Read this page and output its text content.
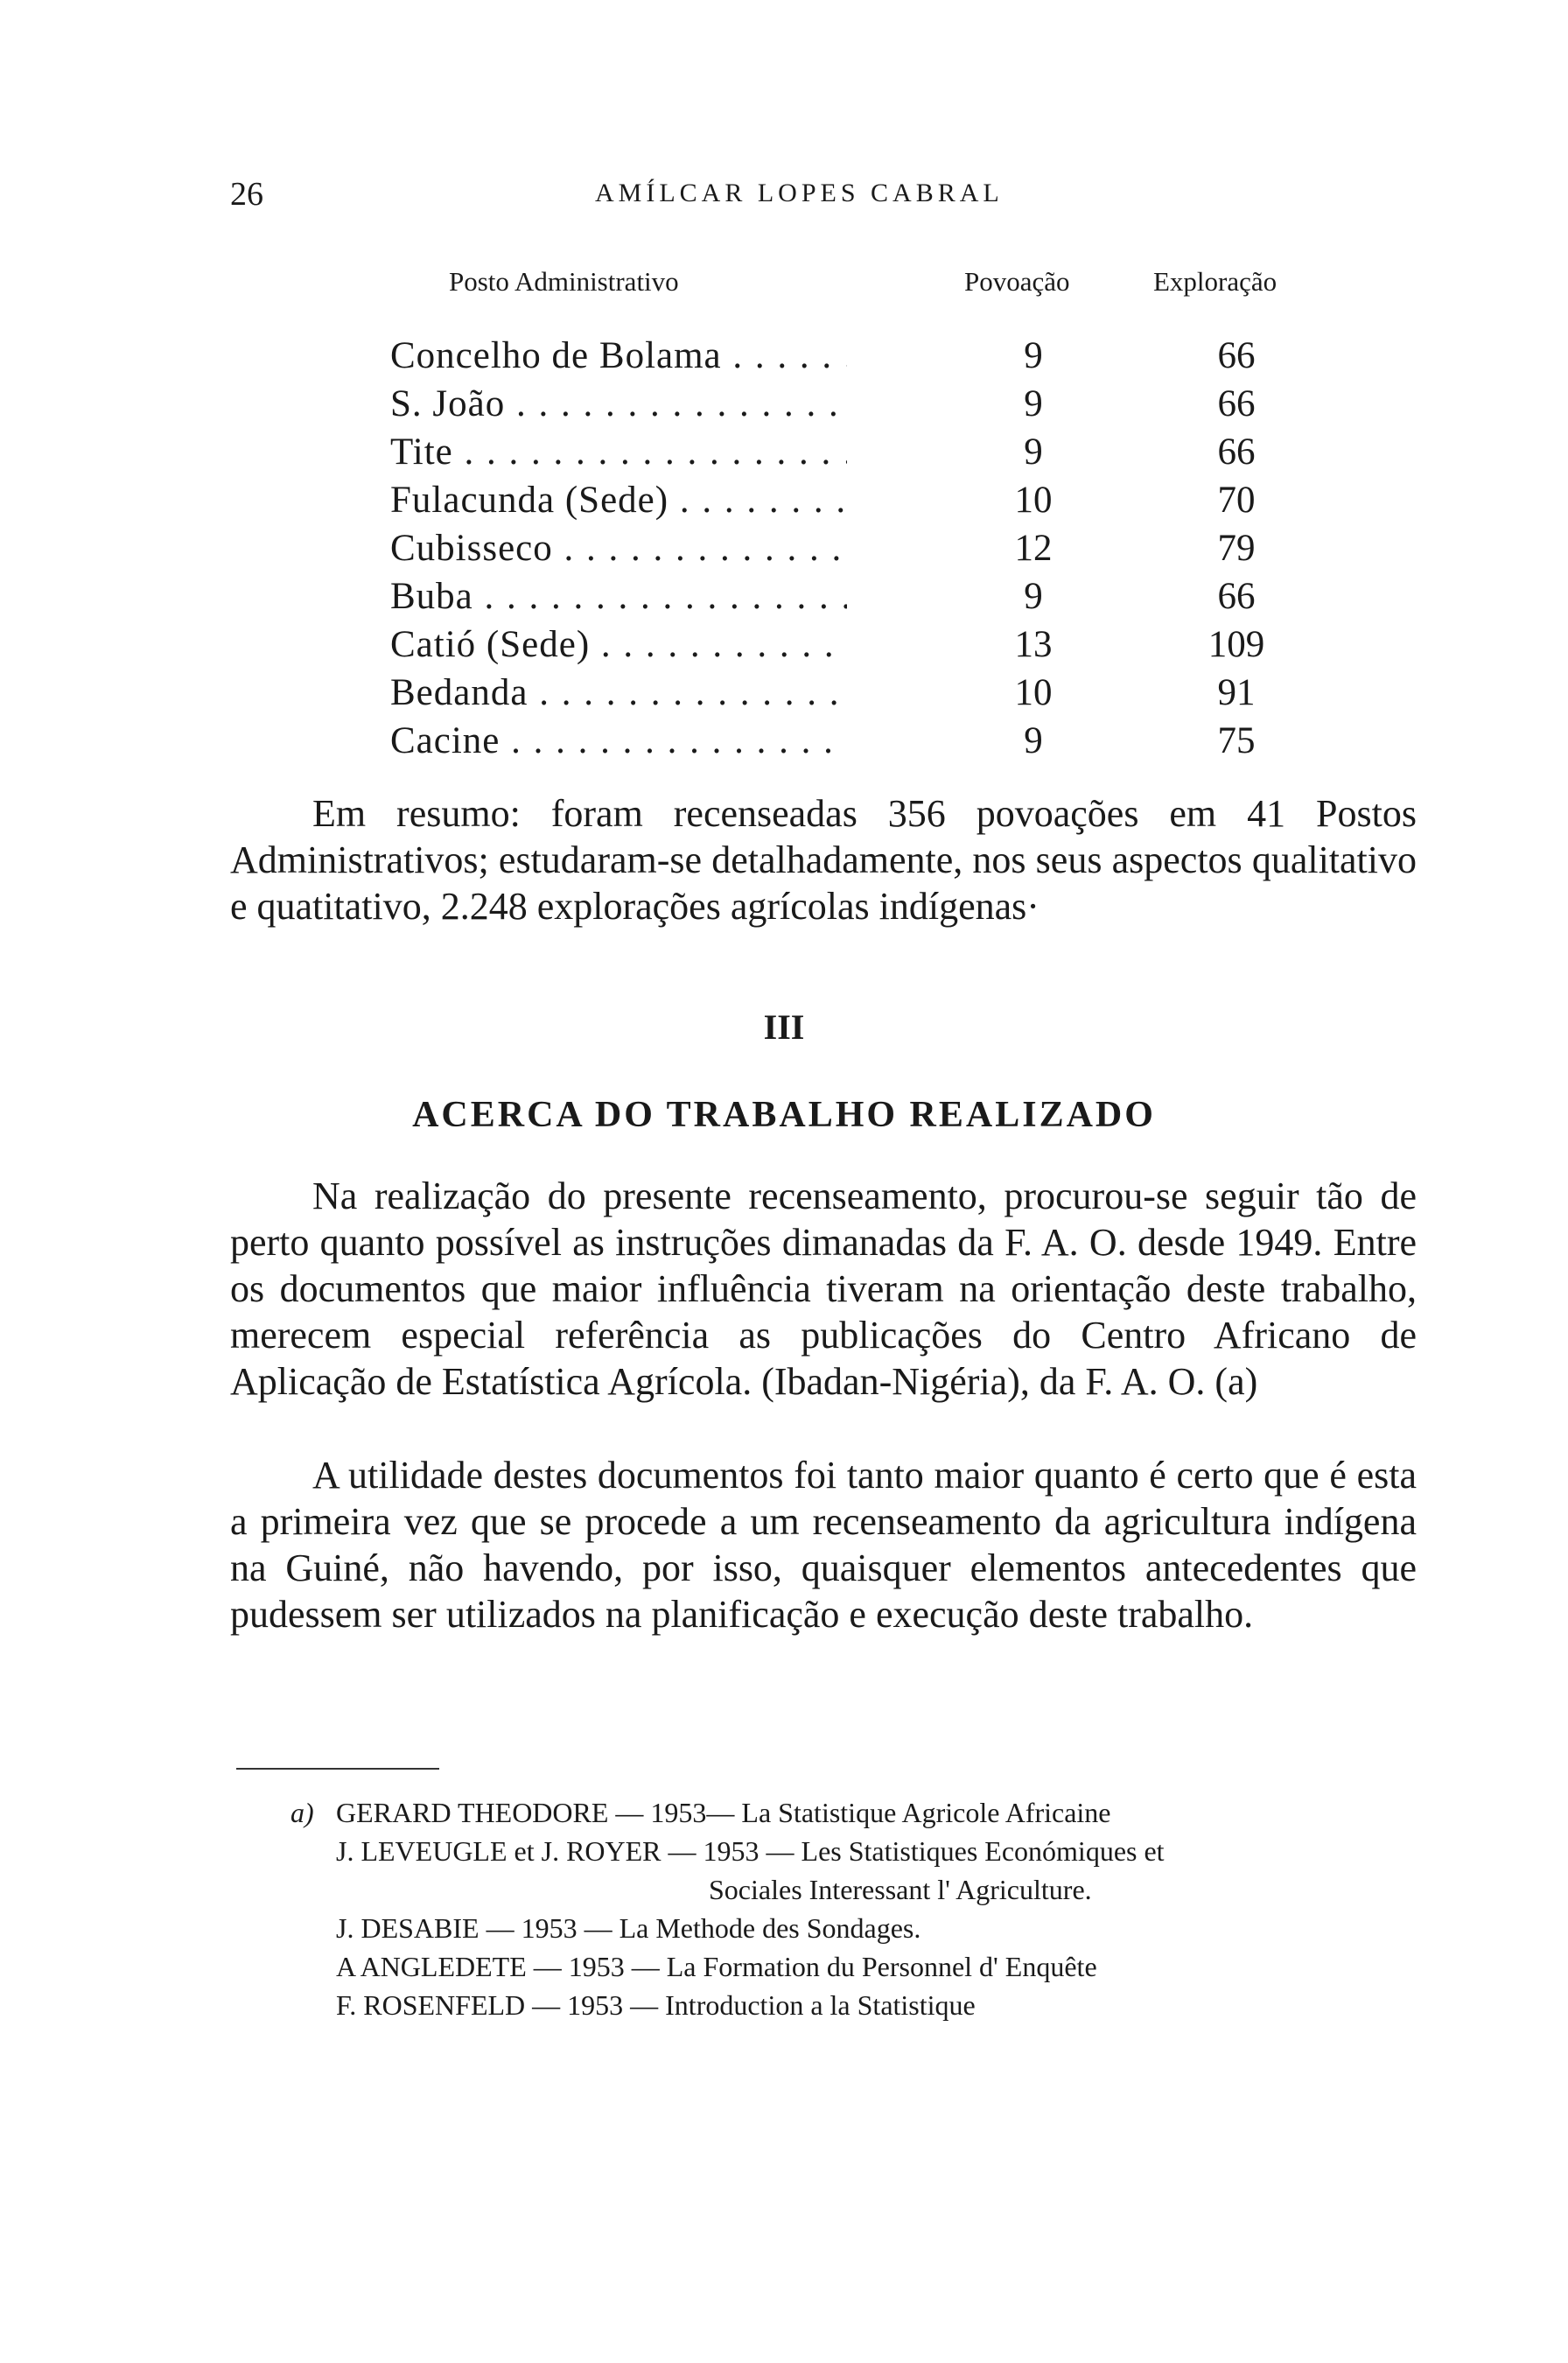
26	AMÍLCAR LOPES CABRAL
Posto Administrativo	Povoação	Exploração
Concelho de Bolama . . .	9	66
S. João . . .	9	66
Tite . . .	9	66
Fulacunda (Sede) . . .	10	70
Cubisseco . . .	12	79
Buba . . .	9	66
Catió (Sede) . . .	13	109
Bedanda . . .	10	91
Cacine . . .	9	75

Em resumo: foram recenseadas 356 povoações em 41 Postos Administrativos; estudaram-se detalhadamente, nos seus aspectos qualitativo e quatitativo, 2.248 explorações agrícolas indígenas·

III
ACERCA DO TRABALHO REALIZADO

Na realização do presente recenseamento, procurou-se seguir tão de perto quanto possível as instruções dimanadas da F. A. O. desde 1949. Entre os documentos que maior influência tiveram na orientação deste trabalho, merecem especial referência as publicações do Centro Africano de Aplicação de Estatística Agrícola. (Ibadan-Nigéria), da F. A. O. (a)

A utilidade destes documentos foi tanto maior quanto é certo que é esta a primeira vez que se procede a um recenseamento da agricultura indígena na Guiné, não havendo, por isso, quaisquer elementos antecedentes que pudessem ser utilizados na planificação e execução deste trabalho.

a) GERARD THEODORE — 1953— La Statistique Agricole Africaine
J. LEVEUGLE et J. ROYER — 1953 — Les Statistiques Económiques et
Sociales Interessant l' Agriculture.
J. DESABIE — 1953 — La Methode des Sondages.
A ANGLEDETE — 1953 — La Formation du Personnel d' Enquête
F. ROSENFELD — 1953 — Introduction a la Statistique
